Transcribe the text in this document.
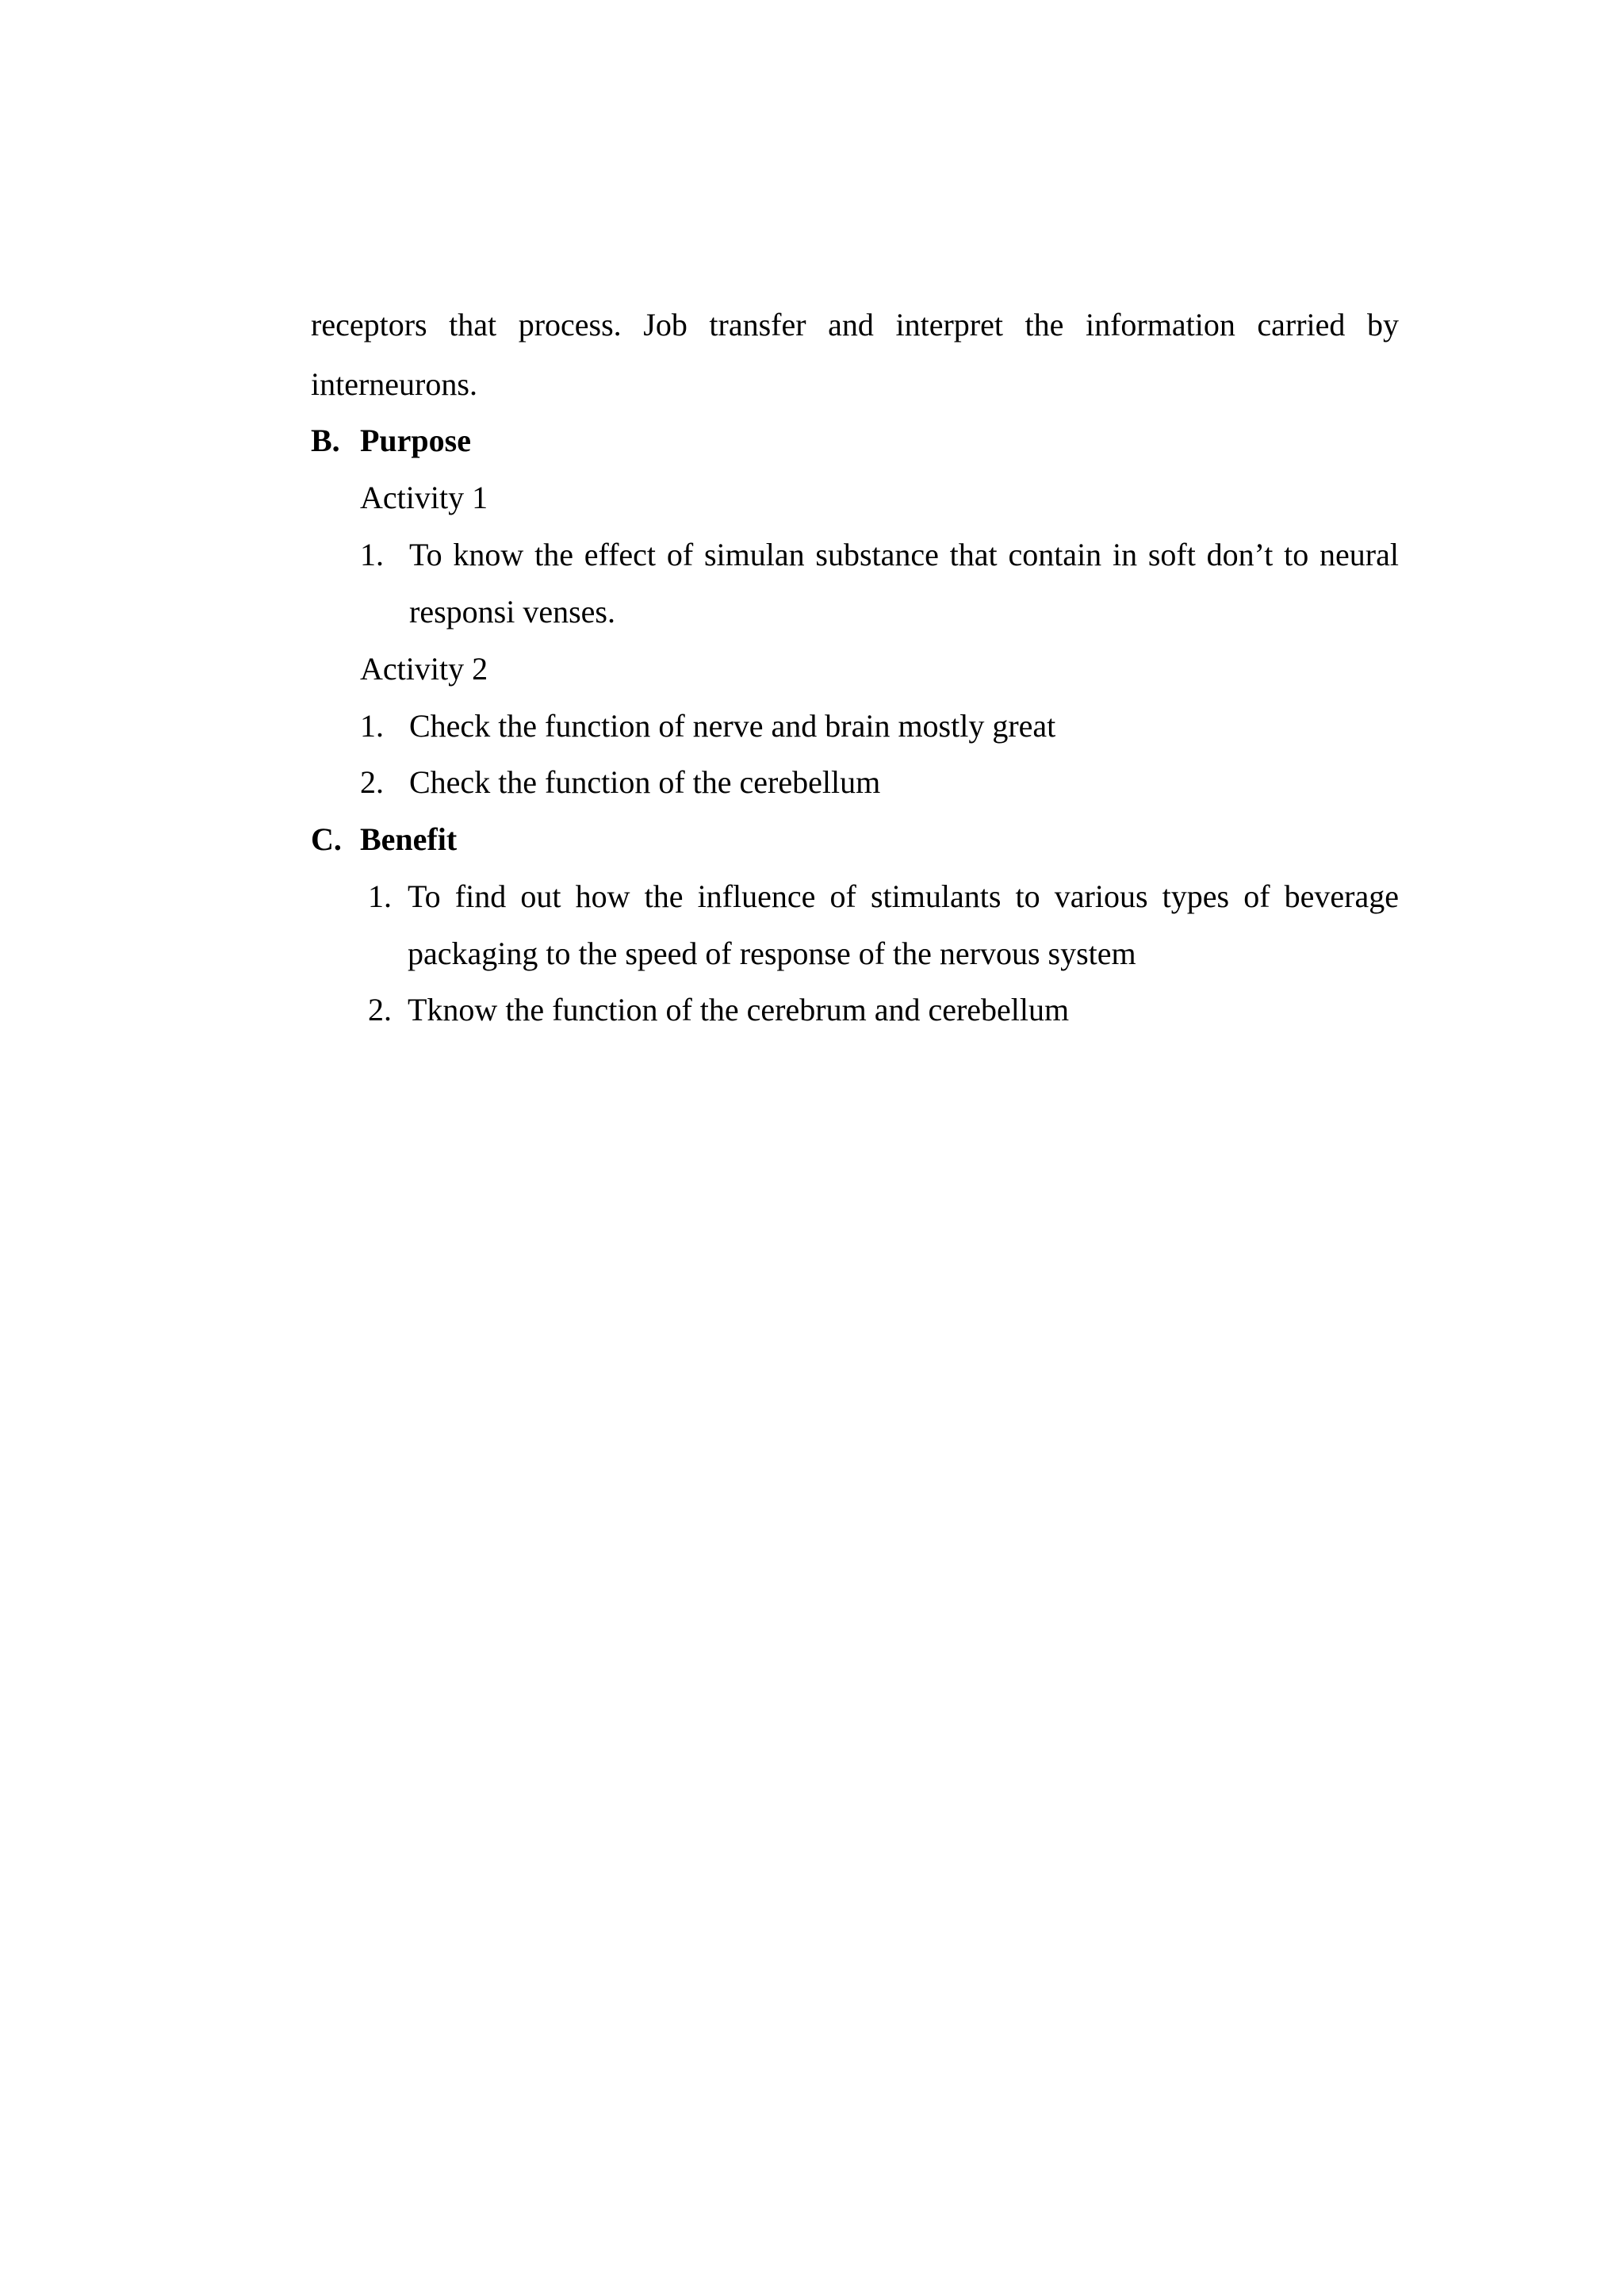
receptors that process. Job transfer and interpret the information carried by
interneurons.
B. Purpose
Activity 1
1. To know the effect of simulan substance that contain in soft don’t to neural
responsi venses.
Activity 2
1. Check the function of nerve and brain mostly great
2. Check the function of the cerebellum
C. Benefit
1. To find out how the influence of stimulants to various types of beverage
packaging to the speed of response of the nervous system
2. Tknow the function of the cerebrum and cerebellum
